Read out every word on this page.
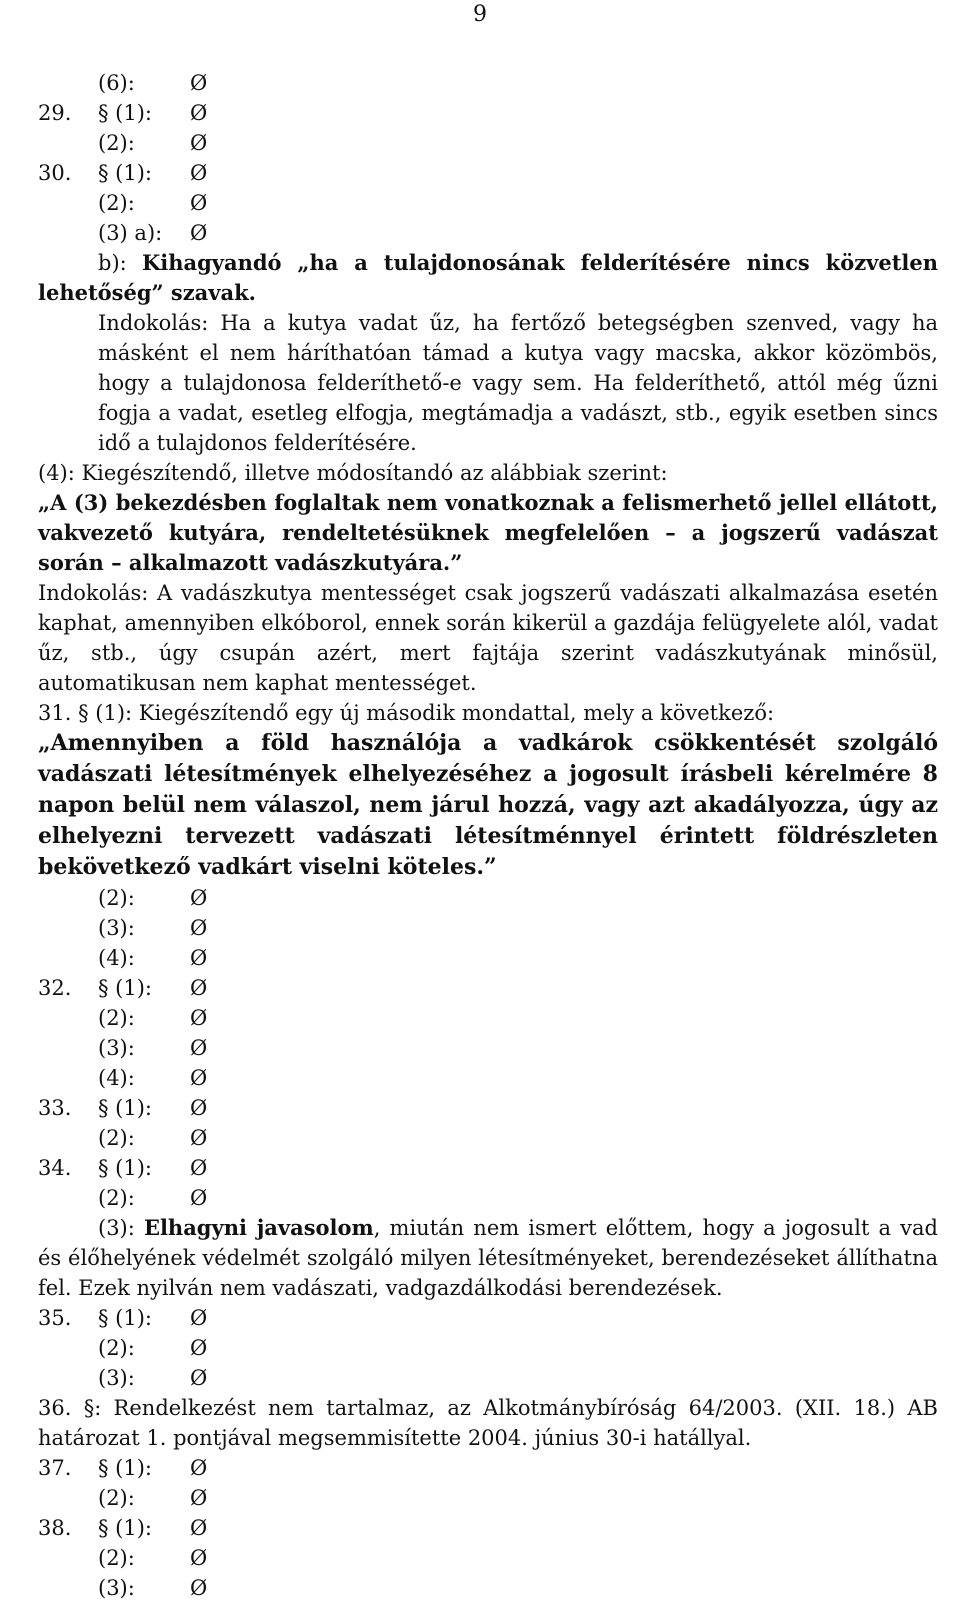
9
(6):	Ø
29.	§ (1):	Ø
(2):	Ø
30.	§ (1):	Ø
(2):	Ø
(3) a):	Ø
b): Kihagyandó „ha a tulajdonosának felderítésére nincs közvetlen lehetőség” szavak.
Indokolás: Ha a kutya vadat űz, ha fertőző betegségben szenved, vagy ha másként el nem háríthatóan támad a kutya vagy macska, akkor közömbös, hogy a tulajdonosa felderíthető-e vagy sem. Ha felderíthető, attól még űzni fogja a vadat, esetleg elfogja, megtámadja a vadászt, stb., egyik esetben sincs idő a tulajdonos felderítésére.
(4): Kiegészítendő, illetve módosítandó az alábbiak szerint:
„A (3) bekezdésben foglaltak nem vonatkoznak a felismerhető jellel ellátott, vakvezető kutyára, rendeltetésüknek megfelelően – a jogszerű vadászat során – alkalmazott vadászkutyára.”
Indokolás: A vadászkutya mentességet csak jogszerű vadászati alkalmazása esetén kaphat, amennyiben elkóborol, ennek során kikerül a gazdája felügyelete alól, vadat űz, stb., úgy csupán azért, mert fajtája szerint vadászkutyának minősül, automatikusan nem kaphat mentességet.
31. § (1): Kiegészítendő egy új második mondattal, mely a következő:
„Amennyiben a föld használója a vadkárok csökkentését szolgáló vadászati létesítmények elhelyezéséhez a jogosult írásbeli kérelmére 8 napon belül nem válaszol, nem járul hozzá, vagy azt akadályozza, úgy az elhelyezni tervezett vadászati létesítménnyel érintett földrészleten bekövetkező vadkárt viselni köteles.”
(2):	Ø
(3):	Ø
(4):	Ø
32.	§ (1):	Ø
(2):	Ø
(3):	Ø
(4):	Ø
33.	§ (1):	Ø
(2):	Ø
34.	§ (1):	Ø
(2):	Ø
(3): Elhagyni javasolom, miután nem ismert előttem, hogy a jogosult a vad és élőhelyének védelmét szolgáló milyen létesítményeket, berendezéseket állíthatna fel. Ezek nyilván nem vadászati, vadgazdálkodási berendezések.
35.	§ (1):	Ø
(2):	Ø
(3):	Ø
36. §: Rendelkezést nem tartalmaz, az Alkotmánybíróság 64/2003. (XII. 18.) AB határozat 1. pontjával megsemmisítette 2004. június 30-i hatállyal.
37.	§ (1):	Ø
(2):	Ø
38.	§ (1):	Ø
(2):	Ø
(3):	Ø
